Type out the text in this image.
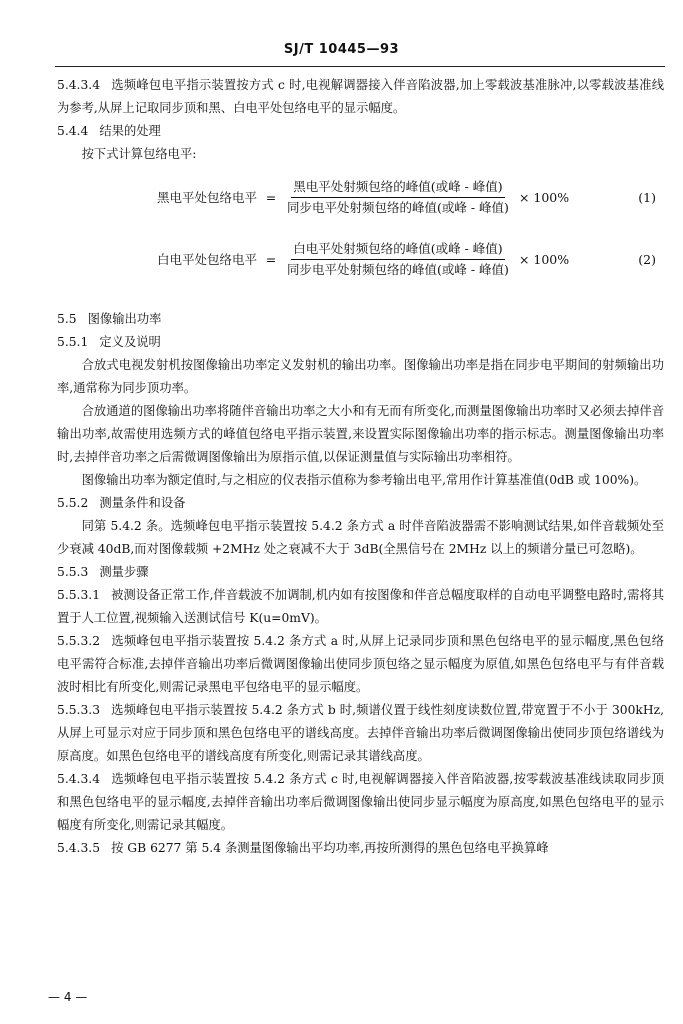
SJ/T 10445—93

5.4.3.4 选频峰包电平指示装置按方式 c 时,电视解调器接入伴音陷波器,加上零载波基准脉冲,以零载波基准线为参考,从屏上记取同步顶和黑、白电平处包络电平的显示幅度。

5.4.4 结果的处理

按下式计算包络电平:

黑电平处包络电平 = $\frac{\text{黑电平处射频包络的峰值(或峰 - 峰值)}}{\text{同步电平处射频包络的峰值(或峰 - 峰值)}} \times 100\%$	(1)
白电平处包络电平 = $\frac{\text{白电平处射频包络的峰值(或峰 - 峰值)}}{\text{同步电平处射频包络的峰值(或峰 - 峰值)}} \times 100\%$	(2)

5.5 图像输出功率

5.5.1 定义及说明

合放式电视发射机按图像输出功率定义发射机的输出功率。图像输出功率是指在同步电平期间的射频输出功率,通常称为同步顶功率。

合放通道的图像输出功率将随伴音输出功率之大小和有无而有所变化,而测量图像输出功率时又必须去掉伴音输出功率,故需使用选频方式的峰值包络电平指示装置,来设置实际图像输出功率的指示标志。测量图像输出功率时,去掉伴音功率之后需微调图像输出为原指示值,以保证测量值与实际输出功率相符。

图像输出功率为额定值时,与之相应的仪表指示值称为参考输出电平,常用作计算基准值(0dB 或 100%)。

5.5.2 测量条件和设备

同第 5.4.2 条。选频峰包电平指示装置按 5.4.2 条方式 a 时伴音陷波器需不影响测试结果,如伴音载频处至少衰减 40dB,而对图像载频 +2MHz 处之衰减不大于 3dB(全黑信号在 2MHz 以上的频谱分量已可忽略)。

5.5.3 测量步骤

5.5.3.1 被测设备正常工作,伴音载波不加调制,机内如有按图像和伴音总幅度取样的自动电平调整电路时,需将其置于人工位置,视频输入送测试信号 K(u=0mV)。

5.5.3.2 选频峰包电平指示装置按 5.4.2 条方式 a 时,从屏上记录同步顶和黑色包络电平的显示幅度,黑色包络电平需符合标准,去掉伴音输出功率后微调图像输出使同步顶包络之显示幅度为原值,如黑色包络电平与有伴音载波时相比有所变化,则需记录黑电平包络电平的显示幅度。

5.5.3.3 选频峰包电平指示装置按 5.4.2 条方式 b 时,频谱仪置于线性刻度读数位置,带宽置于不小于 300kHz,从屏上可显示对应于同步顶和黑色包络电平的谱线高度。去掉伴音输出功率后微调图像输出使同步顶包络谱线为原高度。如黑色包络电平的谱线高度有所变化,则需记录其谱线高度。

5.4.3.4 选频峰包电平指示装置按 5.4.2 条方式 c 时,电视解调器接入伴音陷波器,按零载波基准线读取同步顶和黑色包络电平的显示幅度,去掉伴音输出功率后微调图像输出使同步显示幅度为原高度,如黑色包络电平的显示幅度有所变化,则需记录其幅度。

5.4.3.5 按 GB 6277 第 5.4 条测量图像输出平均功率,再按所测得的黑色包络电平换算峰

— 4 —
